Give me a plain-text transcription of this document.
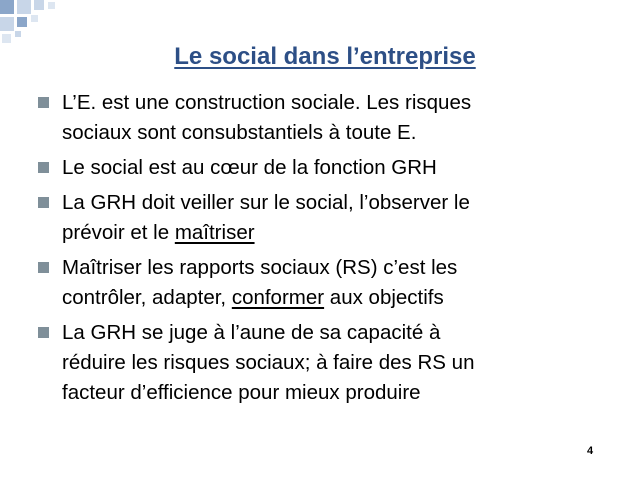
Le social dans l’entreprise
L’E. est une construction sociale. Les risques
sociaux sont consubstantiels à toute E.
Le social est au cœur de la fonction GRH
La GRH doit veiller sur le social, l’observer le
prévoir et le maîtriser
Maîtriser les rapports sociaux (RS) c’est les
contrôler, adapter, conformer aux objectifs
La GRH se juge à l’aune de sa capacité à
réduire les risques sociaux; à faire des RS un
facteur d’efficience pour mieux produire
4
